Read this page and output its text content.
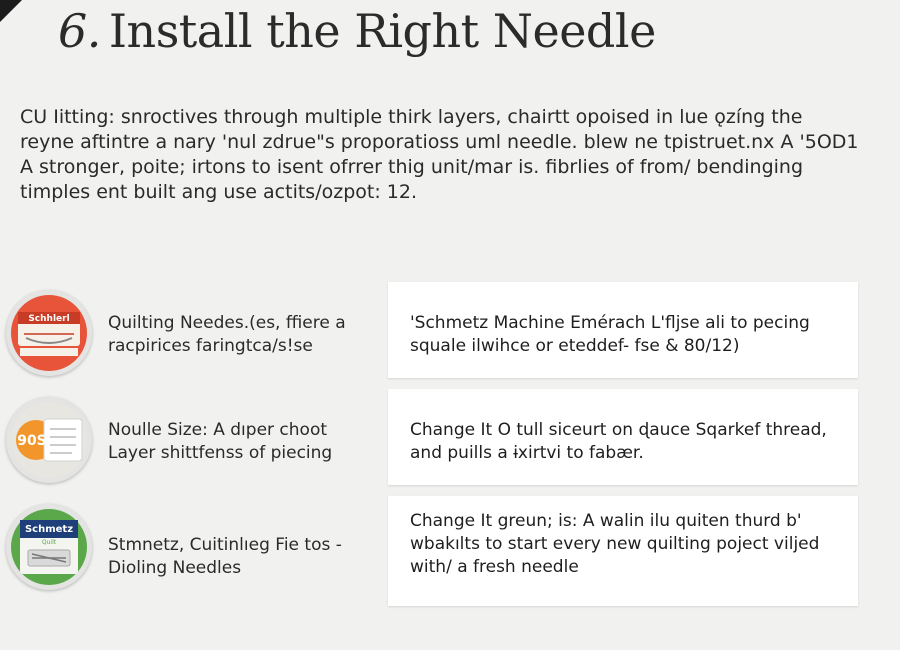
6. Install the Right Needle
CU Iitting: snroctives through multiple thirk layers, chairtt opoised in lue ǫzíng the
reyne aftintre a nary 'nul zdrue"s proporatioss uml needle. blew ne tpistruet.nx A '5OD1
A stronger, poite; irtons to isent ofrrer thig unit/mar is. fibrlies of from/ bendinging
timples ent built ang use actits/ozpot: 12.
Schhlerl Quilting Needes.(es, ffiere a
racpirices faringtca/s!se
'Schmetz Machine Emérach L'fljse ali to pecing
squale ilwihce or eteddef- fse & 80/12)
90S
Noulle Size: A dıper choot
Layer shittfenss of piecing
Change It O tull siceurt on ɖauce Sqarkef thread,
and puills a ɨxirtvi to fabær.
Schmetz
Quilt	Stmnetz, Cuitinlıeg Fie tos -
Dioling Needles
Change It greun; is: A walin ilu quiten thurd b'
wbakılts to start every new quilting poject viljed
with/ a fresh needle
